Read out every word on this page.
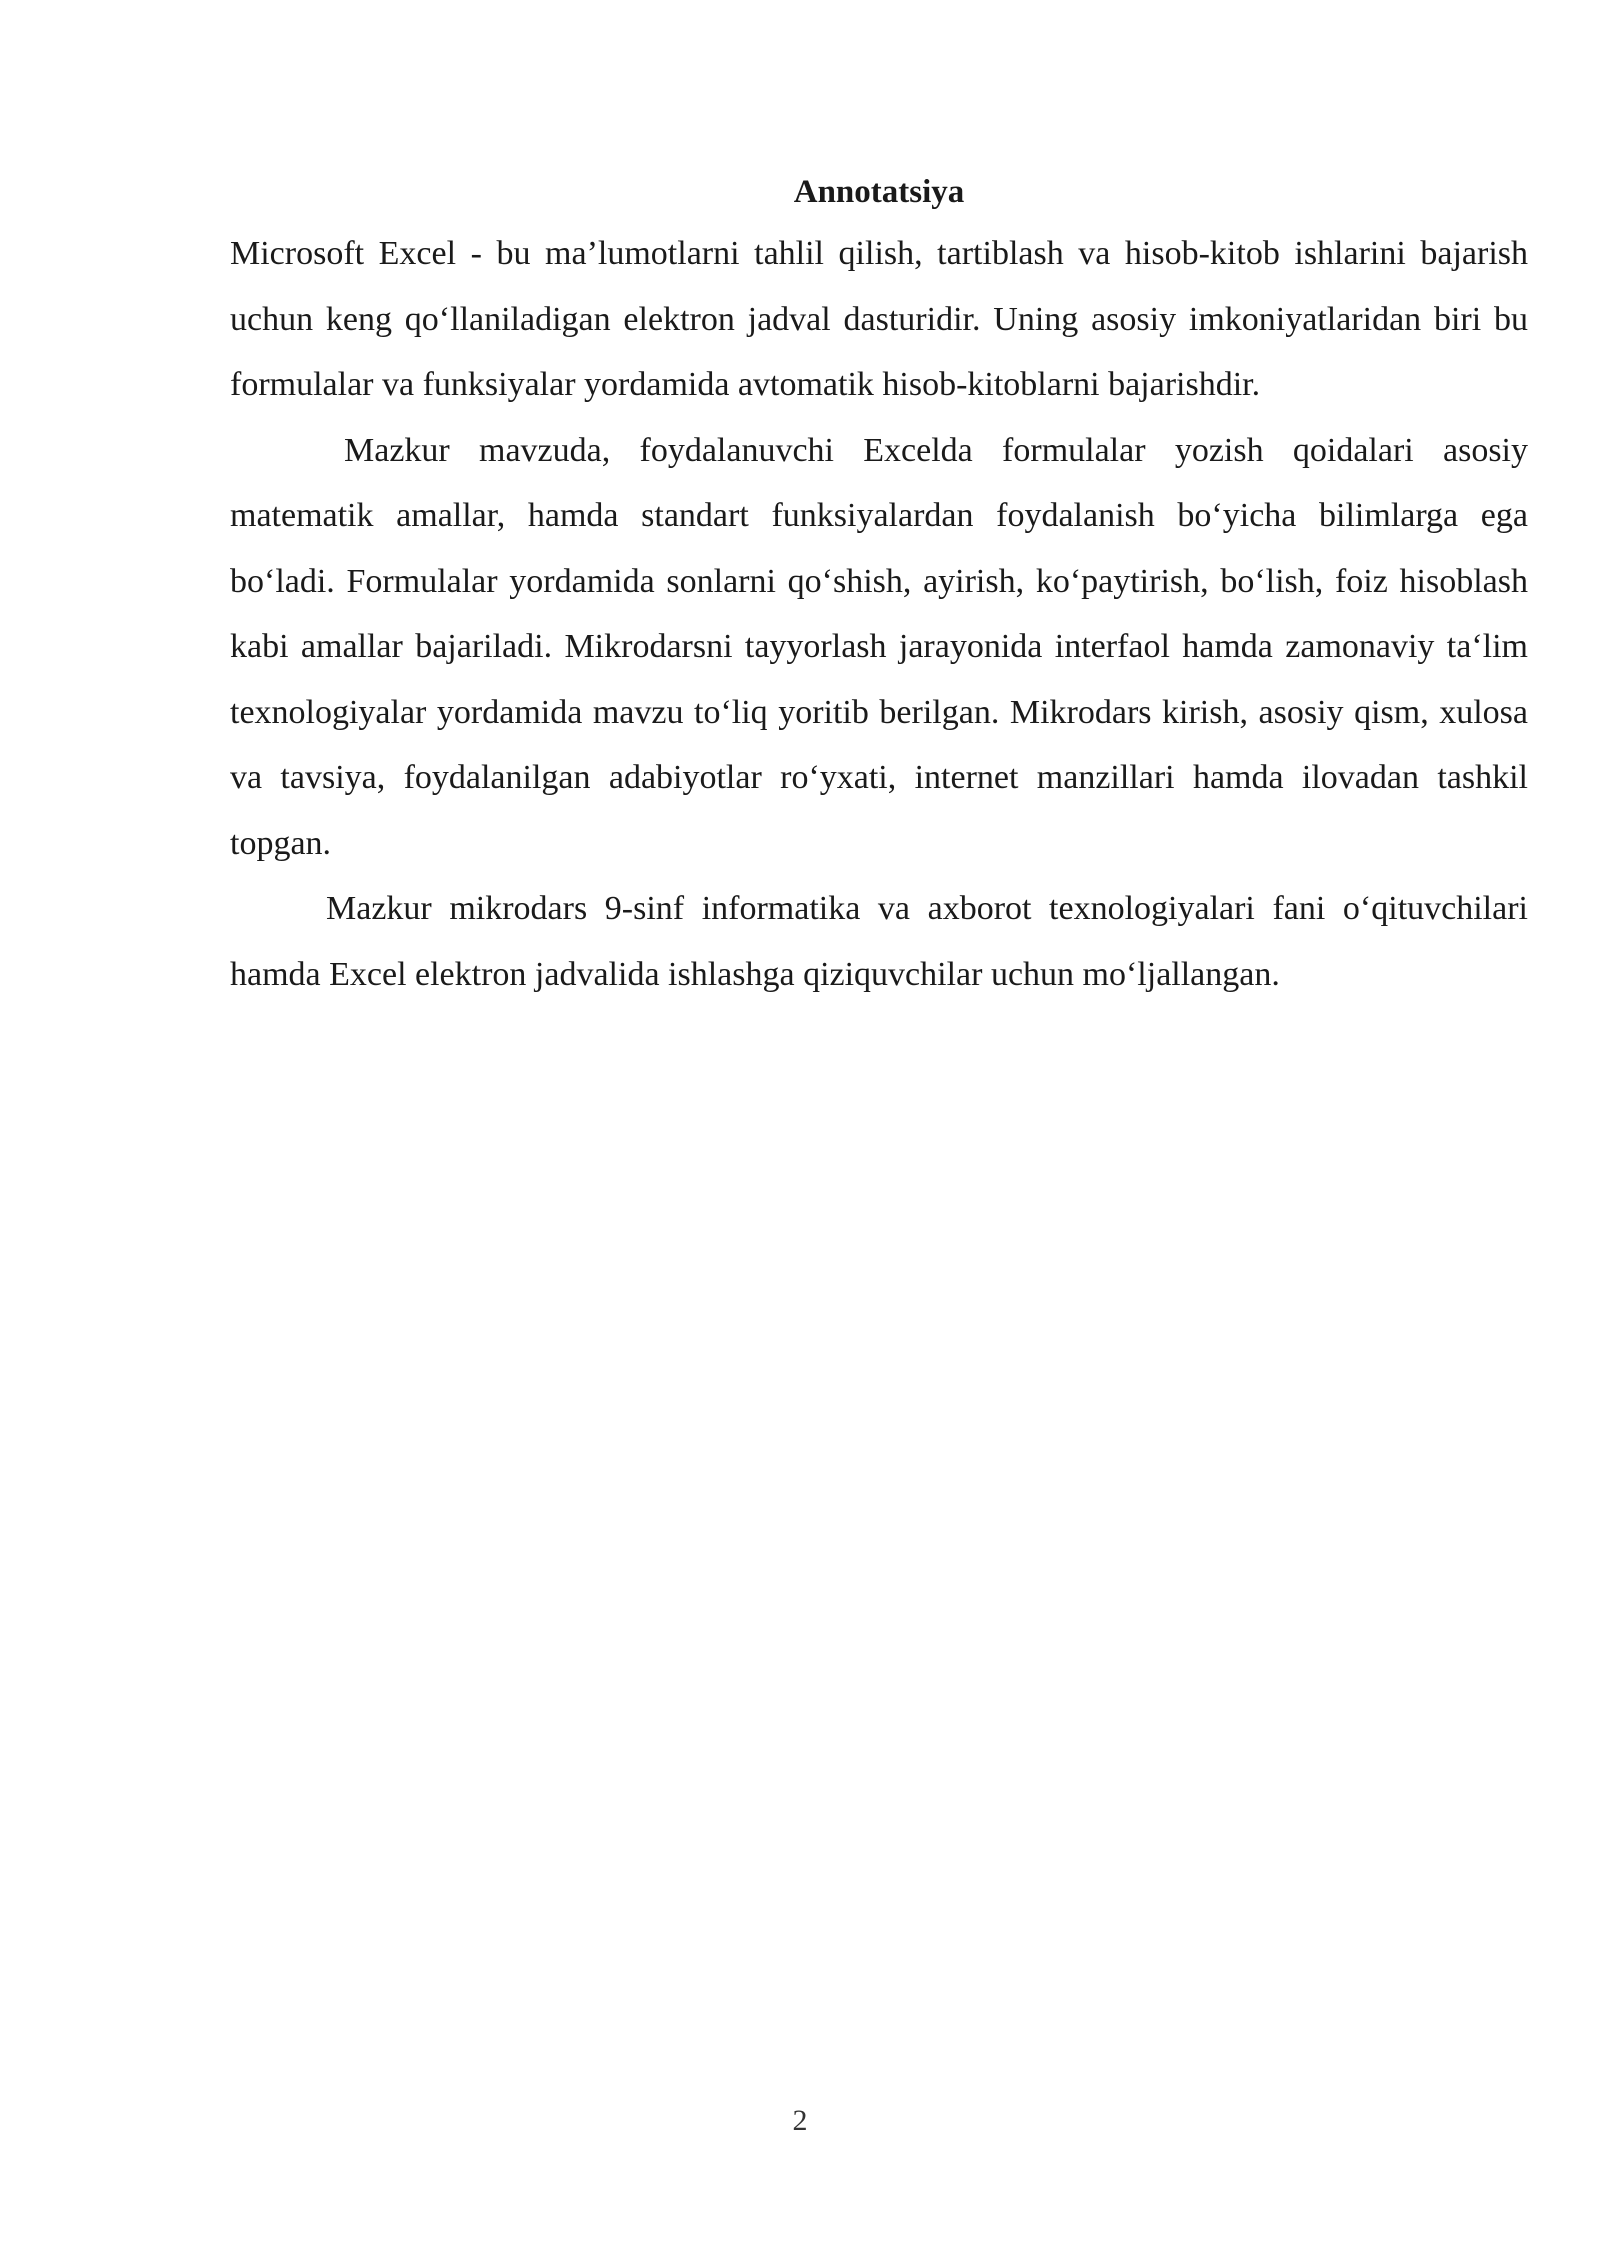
Annotatsiya

Microsoft Excel - bu ma’lumotlarni tahlil qilish, tartiblash va hisob-kitob ishlarini bajarish uchun keng qo‘llaniladigan elektron jadval dasturidir. Uning asosiy imkoniyatlaridan biri bu formulalar va funksiyalar yordamida avtomatik hisob-kitoblarni bajarishdir.

Mazkur mavzuda, foydalanuvchi Excelda formulalar yozish qoidalari asosiy matematik amallar, hamda standart funksiyalardan foydalanish bo‘yicha bilimlarga ega bo‘ladi. Formulalar yordamida sonlarni qo‘shish, ayirish, ko‘paytirish, bo‘lish, foiz hisoblash kabi amallar bajariladi. Mikrodarsni tayyorlash jarayonida interfaol hamda zamonaviy ta‘lim texnologiyalar yordamida mavzu to‘liq yoritib berilgan. Mikrodars kirish, asosiy qism, xulosa va tavsiya, foydalanilgan adabiyotlar ro‘yxati, internet manzillari hamda ilovadan tashkil topgan.

Mazkur mikrodars 9-sinf informatika va axborot texnologiyalari fani o‘qituvchilari hamda Excel elektron jadvalida ishlashga qiziquvchilar uchun mo‘ljallangan.

2
